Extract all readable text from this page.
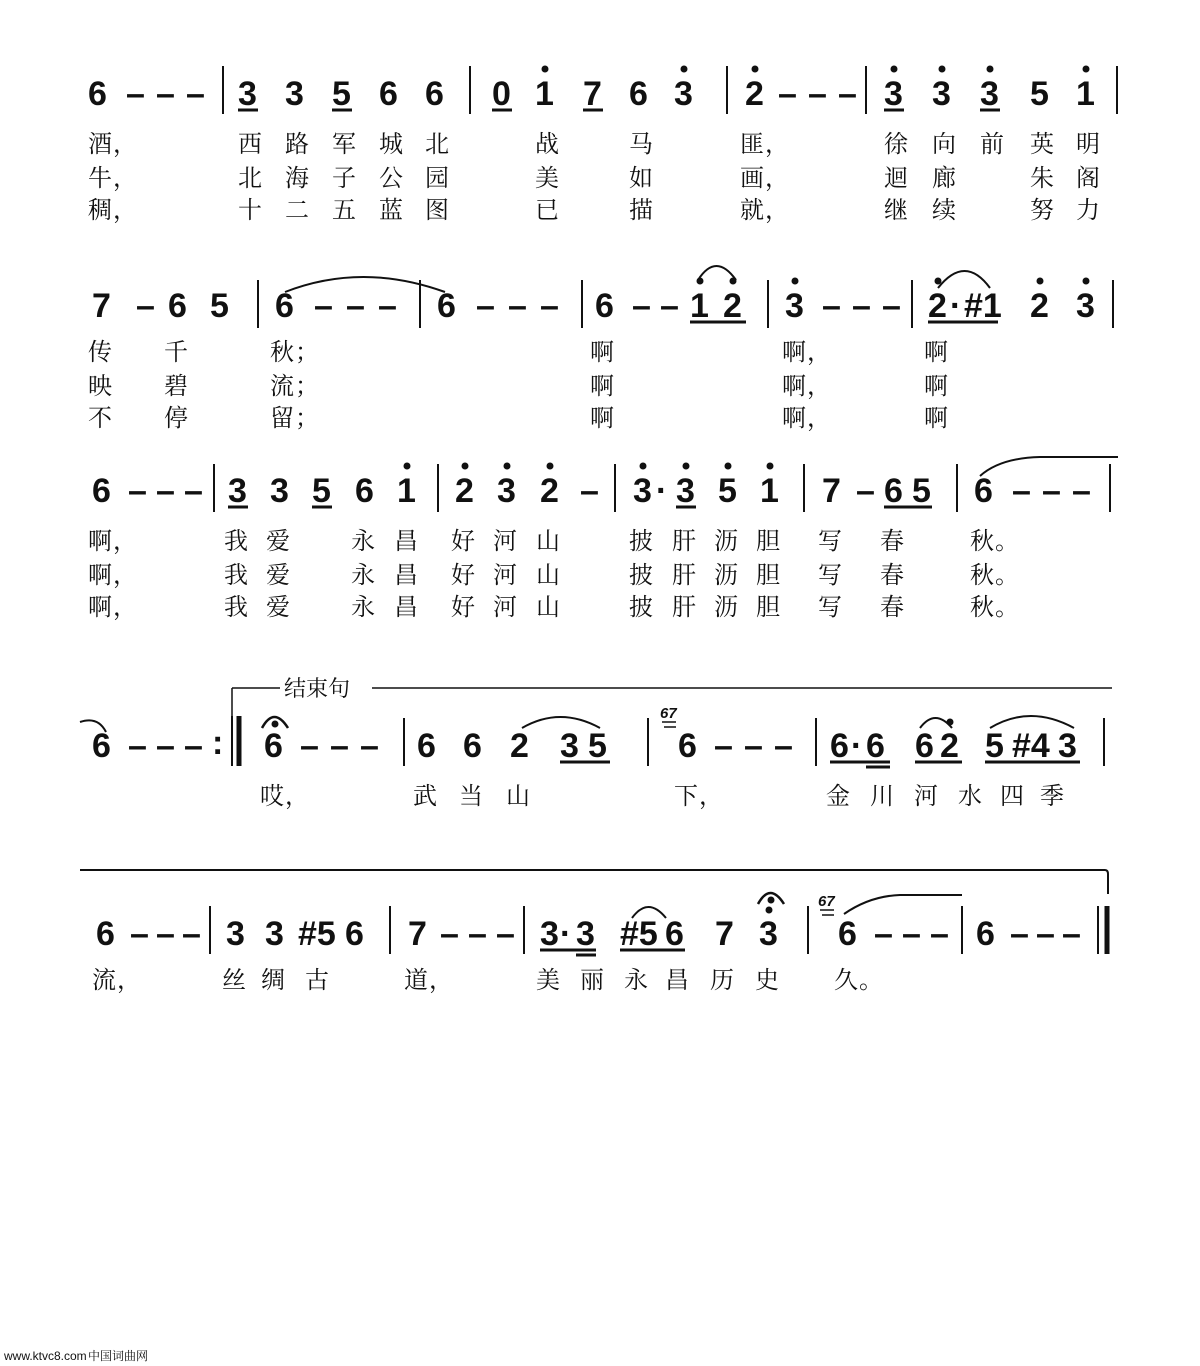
6 – – – 3 3 5 6 6 0 1 7 6 3 2 – – – 3 3 3 5 1
酒，	西 路 军 城 北	战	马	匪，	徐 向 前 英 明
牛，	北 海 子 公 园	美	如	画，	迴 廊	朱 阁
稠，	十 二 五 蓝 图	已	描	就，	继 续	努 力
7 – 6 5 6 – – – 6 – – – 6 – – 1 2 3 – – – 2 · #1 2 3
传 千	秋；	啊	啊，	啊
映 碧	流；	啊	啊，	啊
不 停	留；	啊	啊，	啊
6 – – – 3 3 5 6 1 2 3 2 – 3 · 3 5 1 7 – 6 5 6 – – –
啊，	我 爱	永 昌 好 河 山	披 肝 沥 胆 写 春	秋。
啊，	我 爱	永 昌 好 河 山	披 肝 沥 胆 写 春	秋。
啊，	我 爱	永 昌 好 河 山	披 肝 沥 胆 写 春	秋。
结束句
6 – – – : 6 – – – 6 6 2 3 5 6 – – – 6 · 6 6 2 5 #4 3
67
哎，	武 当 山	下，	金 川 河 水 四 季
6 – – – 3 3 #5 6 7 – – – 3 · 3 #5 6 7 3 6 – – – 6 – – –
67
流，	丝 绸 古	道，	美 丽 永 昌 历 史 久。
www.ktvc8.com 中国词曲网
